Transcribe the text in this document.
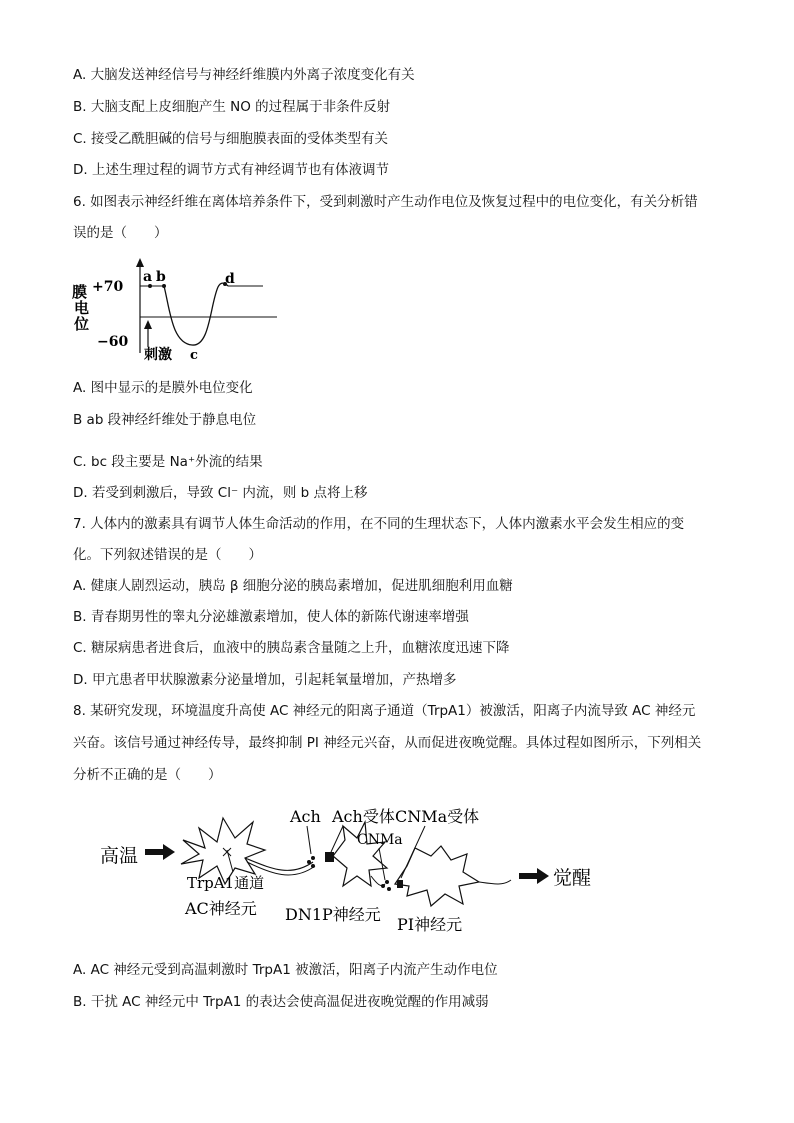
A. 大脑发送神经信号与神经纤维膜内外离子浓度变化有关
B. 大脑支配上皮细胞产生 NO 的过程属于非条件反射
C. 接受乙酰胆碱的信号与细胞膜表面的受体类型有关
D. 上述生理过程的调节方式有神经调节也有体液调节
6. 如图表示神经纤维在离体培养条件下，受到刺激时产生动作电位及恢复过程中的电位变化，有关分析错
误的是（　　）
膜
电
位
+70
−60
a b	d
c
刺激
A. 图中显示的是膜外电位变化
B ab 段神经纤维处于静息电位
C. bc 段主要是 Na⁺外流的结果
D. 若受到刺激后，导致 Cl⁻ 内流，则 b 点将上移
7. 人体内的激素具有调节人体生命活动的作用，在不同的生理状态下，人体内激素水平会发生相应的变
化。下列叙述错误的是（　　）
A. 健康人剧烈运动，胰岛 β 细胞分泌的胰岛素增加，促进肌细胞利用血糖
B. 青春期男性的睾丸分泌雄激素增加，使人体的新陈代谢速率增强
C. 糖尿病患者进食后，血液中的胰岛素含量随之上升，血糖浓度迅速下降
D. 甲亢患者甲状腺激素分泌量增加，引起耗氧量增加，产热增多
8. 某研究发现，环境温度升高使 AC 神经元的阳离子通道（TrpA1）被激活，阳离子内流导致 AC 神经元
兴奋。该信号通过神经传导，最终抑制 PI 神经元兴奋，从而促进夜晚觉醒。具体过程如图所示，下列相关
分析不正确的是（　　）
高温
TrpA1通道
AC神经元
Ach Ach受体
DN1P神经元
CNMa
CNMa受体
PI神经元
觉醒
A. AC 神经元受到高温刺激时 TrpA1 被激活，阳离子内流产生动作电位
B. 干扰 AC 神经元中 TrpA1 的表达会使高温促进夜晚觉醒的作用减弱
